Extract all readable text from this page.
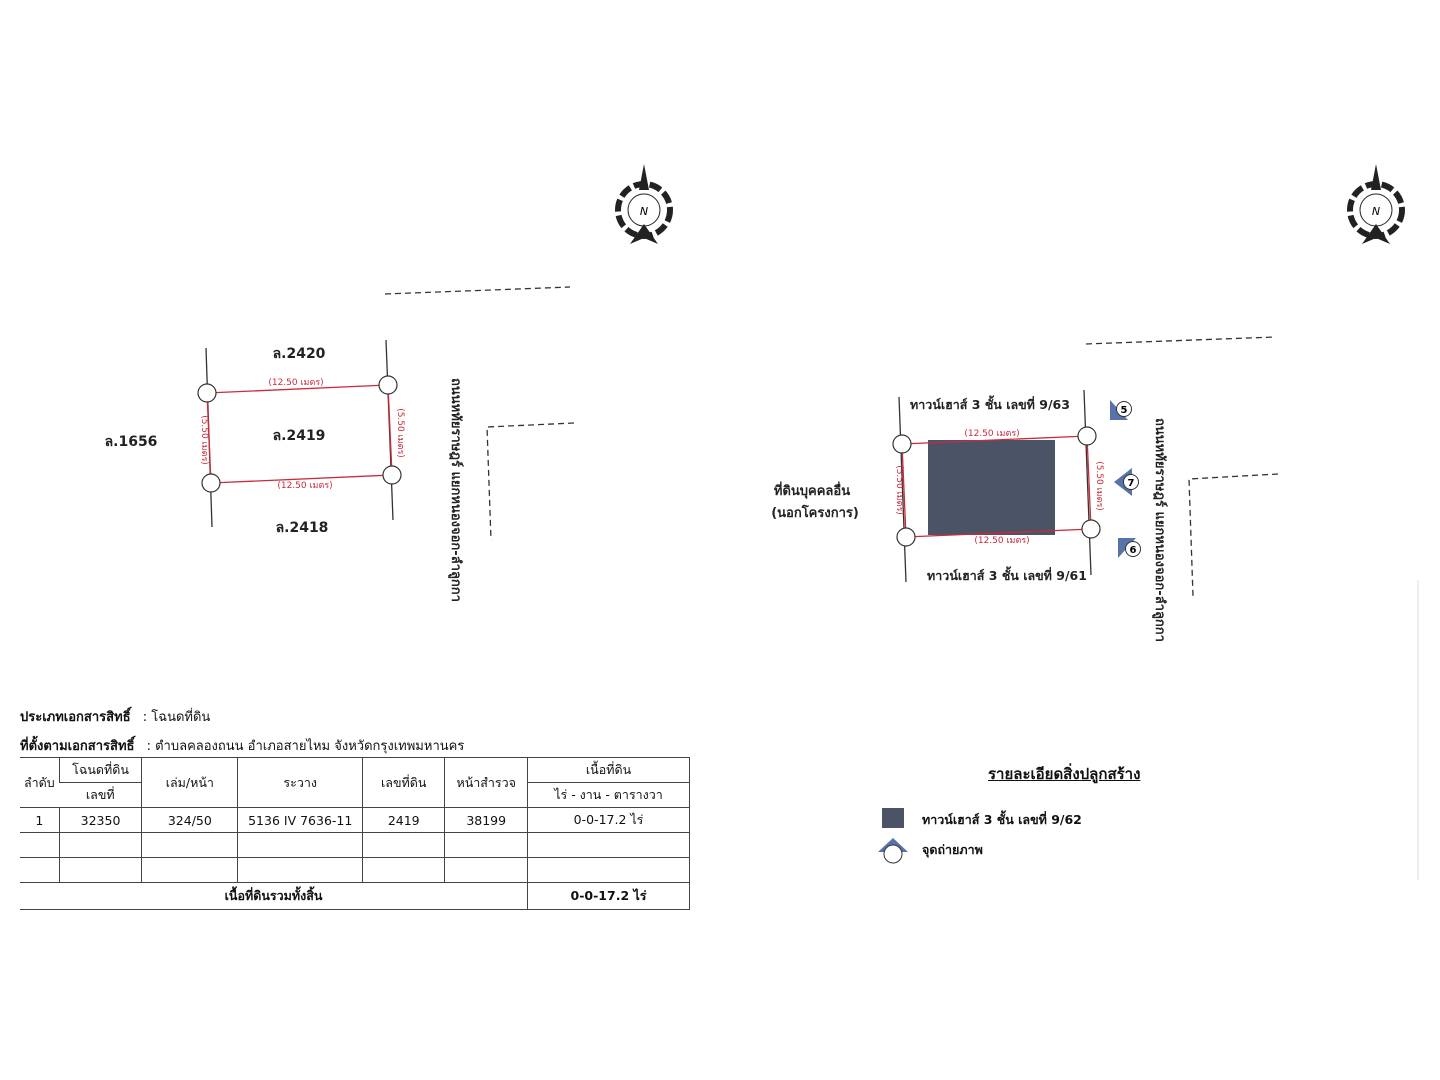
N
(12.50 เมตร)
(12.50 เมตร)
(5.50 เมตร)	(5.50 เมตร)
ล.2420
ล.2419
ล.2418
ล.1656	ถนนหทัยราษฎร์ แยกหนองจอก-ลำลูกกา
N
(12.50 เมตร)
(12.50 เมตร)
(5.50 เมตร)	(5.50 เมตร)
ทาวน์เฮาส์ 3 ชั้น เลขที่ 9/63
ทาวน์เฮาส์ 3 ชั้น เลขที่ 9/61
ที่ดินบุคคลอื่น
(นอกโครงการ)
5
7
6 ถนนหทัยราษฎร์ แยกหนองจอก-ลำลูกกา
ประเภทเอกสารสิทธิ์ : โฉนดที่ดิน
ที่ตั้งตามเอกสารสิทธิ์ : ตำบลคลองถนน อำเภอสายไหม จังหวัดกรุงเทพมหานคร
ลำดับ	โฉนดที่ดิน	เล่ม/หน้า	ระวาง	เลขที่ดิน	หน้าสำรวจ	เนื้อที่ดิน
	เลขที่					ไร่ - งาน - ตารางวา
1	32350	324/50	5136 IV 7636-11	2419	38199	0-0-17.2 ไร่

เนื้อที่ดินรวมทั้งสิ้น						0-0-17.2 ไร่
รายละเอียดสิ่งปลูกสร้าง
ทาวน์เฮาส์ 3 ชั้น เลขที่ 9/62
จุดถ่ายภาพ
